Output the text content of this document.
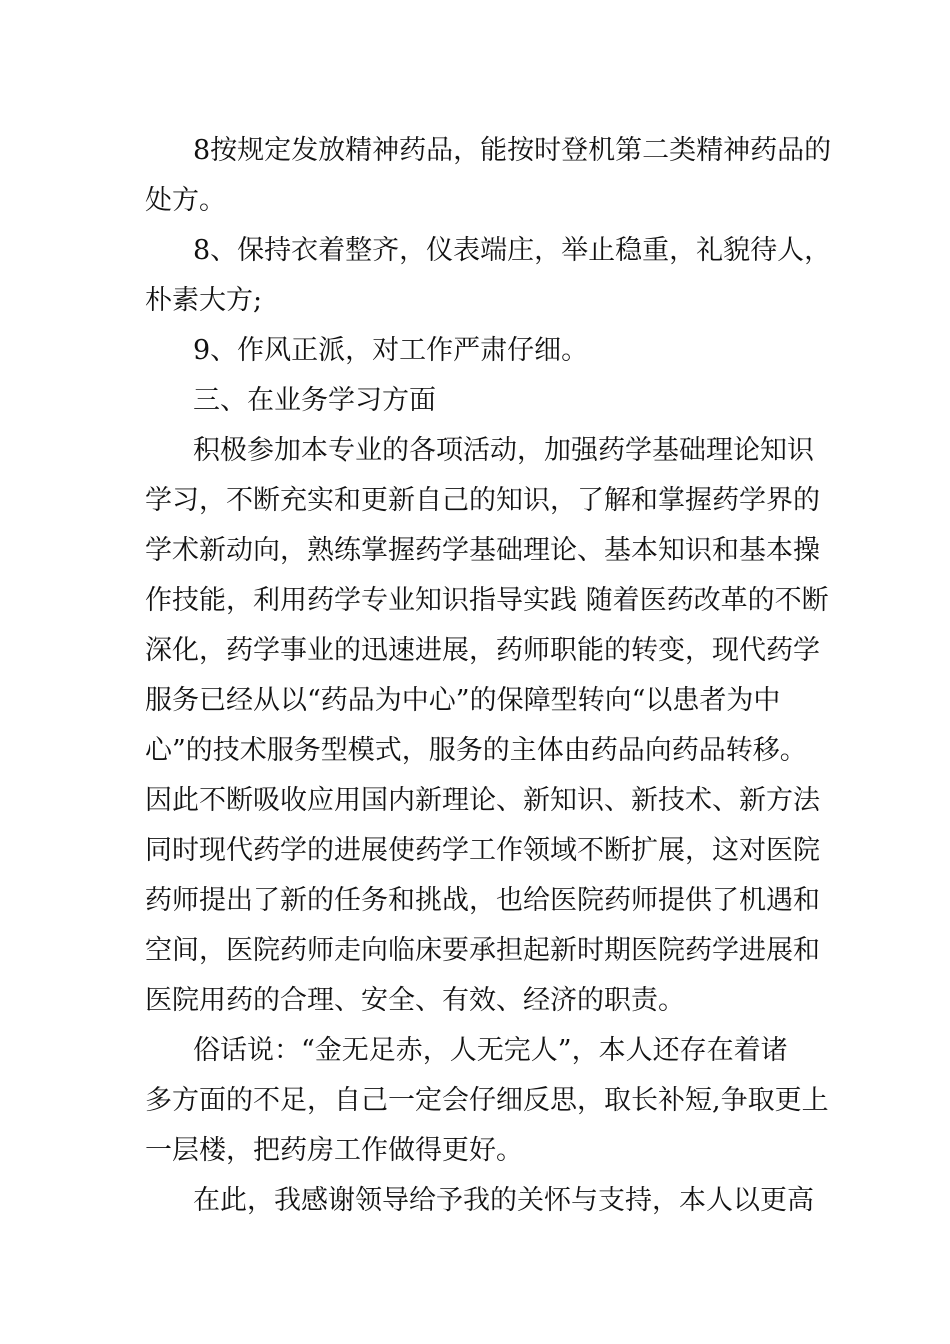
8按规定发放精神药品，能按时登机第二类精神药品的
处方。
8、保持衣着整齐，仪表端庄，举止稳重，礼貌待人，
朴素大方;
9、作风正派，对工作严肃仔细。
三、在业务学习方面
积极参加本专业的各项活动，加强药学基础理论知识
学习，不断充实和更新自己的知识，了解和掌握药学界的
学术新动向，熟练掌握药学基础理论、基本知识和基本操
作技能，利用药学专业知识指导实践 随着医药改革的不断
深化，药学事业的迅速进展，药师职能的转变，现代药学
服务已经从以“药品为中心”的保障型转向“以患者为中
心”的技术服务型模式，服务的主体由药品向药品转移。
因此不断吸收应用国内新理论、新知识、新技术、新方法
同时现代药学的进展使药学工作领域不断扩展，这对医院
药师提出了新的任务和挑战，也给医院药师提供了机遇和
空间，医院药师走向临床要承担起新时期医院药学进展和
医院用药的合理、安全、有效、经济的职责。
俗话说：“金无足赤，人无完人”，本人还存在着诸
多方面的不足，自己一定会仔细反思，取长补短,争取更上
一层楼，把药房工作做得更好。
在此，我感谢领导给予我的关怀与支持，本人以更高
